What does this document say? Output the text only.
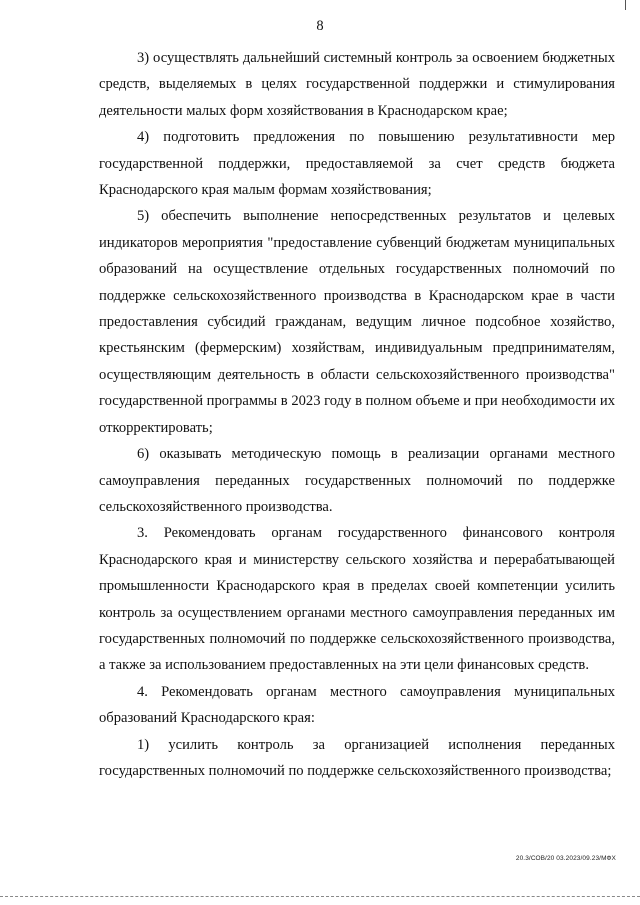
8

3) осуществлять дальнейший системный контроль за освоением бюджетных средств, выделяемых в целях государственной поддержки и стимулирования деятельности малых форм хозяйствования в Краснодарском крае;

4) подготовить предложения по повышению результативности мер государственной поддержки, предоставляемой за счет средств бюджета Краснодарского края малым формам хозяйствования;

5) обеспечить выполнение непосредственных результатов и целевых индикаторов мероприятия "предоставление субвенций бюджетам муниципальных образований на осуществление отдельных государственных полномочий по поддержке сельскохозяйственного производства в Краснодарском крае в части предоставления субсидий гражданам, ведущим личное подсобное хозяйство, крестьянским (фермерским) хозяйствам, индивидуальным предпринимателям, осуществляющим деятельность в области сельскохозяйственного производства" государственной программы в 2023 году в полном объеме и при необходимости их откорректировать;

6) оказывать методическую помощь в реализации органами местного самоуправления переданных государственных полномочий по поддержке сельскохозяйственного производства.

3. Рекомендовать органам государственного финансового контроля Краснодарского края и министерству сельского хозяйства и перерабатывающей промышленности Краснодарского края в пределах своей компетенции усилить контроль за осуществлением органами местного самоуправления переданных им государственных полномочий по поддержке сельскохозяйственного производства, а также за использованием предоставленных на эти цели финансовых средств.

4. Рекомендовать органам местного самоуправления муниципальных образований Краснодарского края:

1) усилить контроль за организацией исполнения переданных государственных полномочий по поддержке сельскохозяйственного производства;

20.3/СОВ/20 03.2023/09.23/МФХ
